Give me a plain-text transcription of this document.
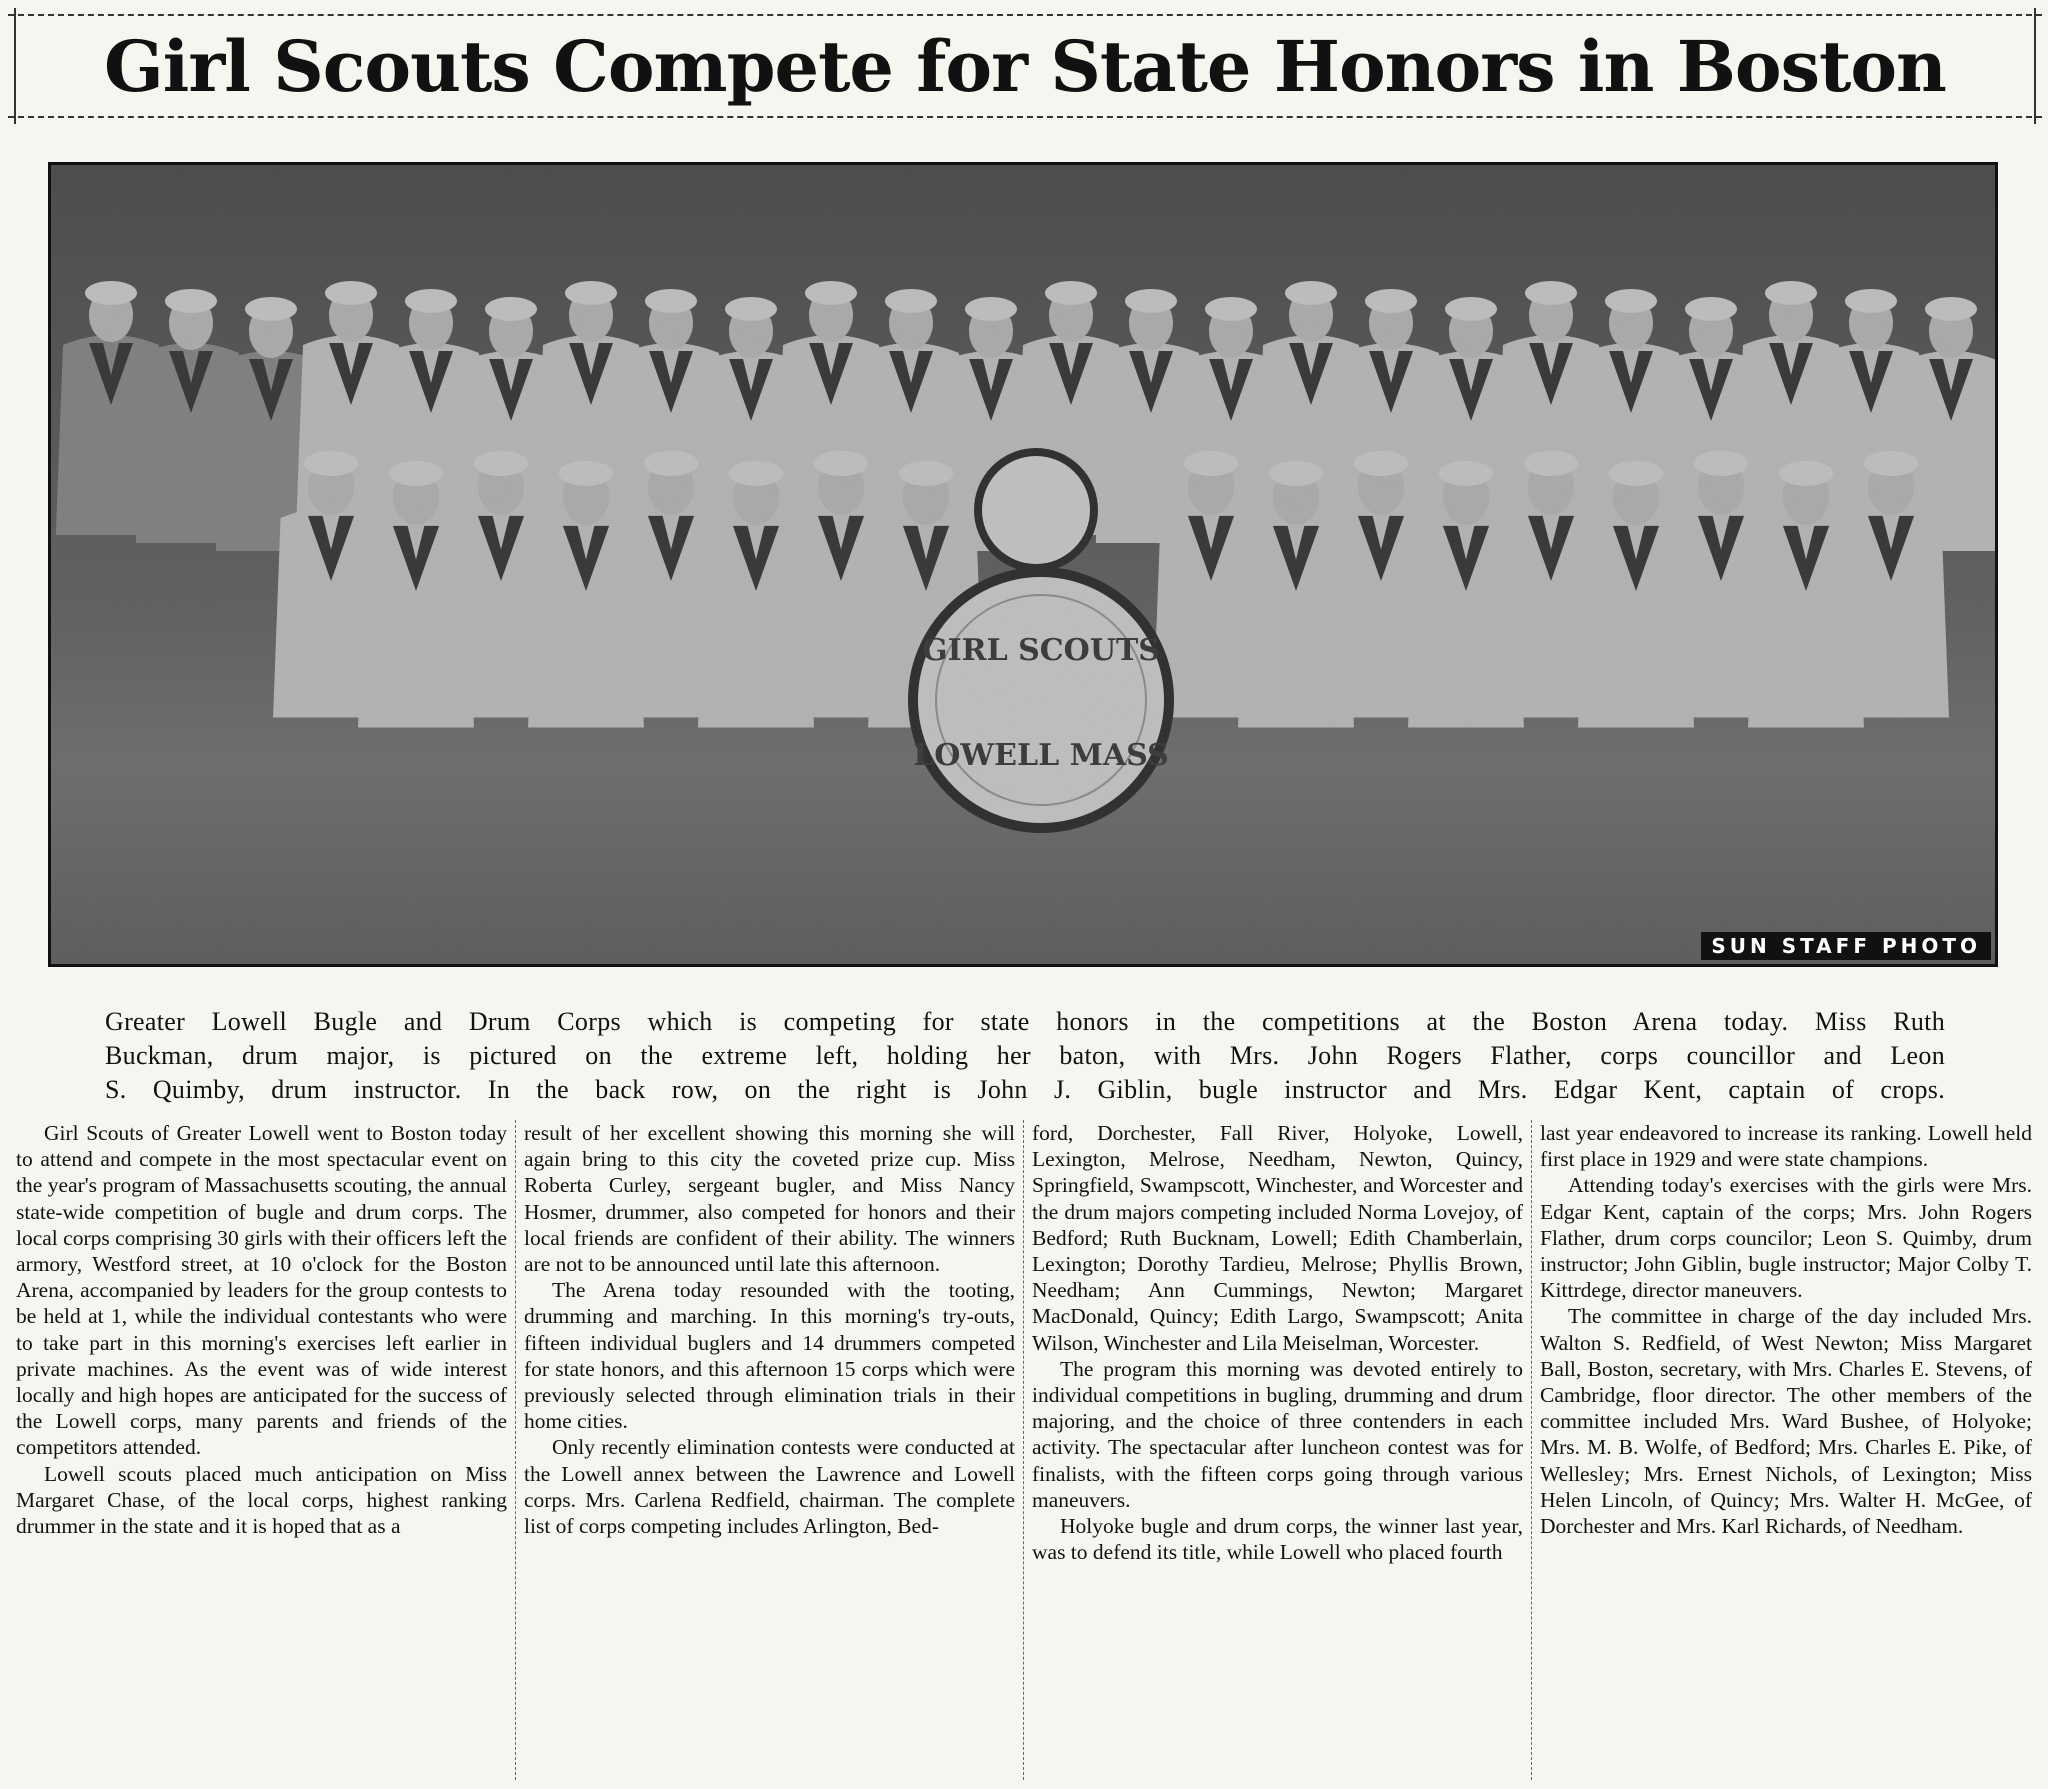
Girl Scouts Compete for State Honors in Boston
GIRL SCOUTS
LOWELL MASS
SUN STAFF PHOTO
Greater Lowell Bugle and Drum Corps which is competing for state honors in the competitions at the Boston Arena today. Miss Ruth
Buckman, drum major, is pictured on the extreme left, holding her baton, with Mrs. John Rogers Flather, corps councillor and Leon
S. Quimby, drum instructor. In the back row, on the right is John J. Giblin, bugle instructor and Mrs. Edgar Kent, captain of crops.

Girl Scouts of Greater Lowell went to Boston today to attend and compete in the most spectacular event on the year's program of Massachusetts scouting, the annual state-wide competition of bugle and drum corps. The local corps comprising 30 girls with their officers left the armory, Westford street, at 10 o'clock for the Boston Arena, accompanied by leaders for the group contests to be held at 1, while the individual contestants who were to take part in this morning's exercises left earlier in private machines. As the event was of wide interest locally and high hopes are anticipated for the success of the Lowell corps, many parents and friends of the competitors attended.

Lowell scouts placed much anticipation on Miss Margaret Chase, of the local corps, highest ranking drummer in the state and it is hoped that as a

result of her excellent showing this morning she will again bring to this city the coveted prize cup. Miss Roberta Curley, sergeant bugler, and Miss Nancy Hosmer, drummer, also competed for honors and their local friends are confident of their ability. The winners are not to be announced until late this afternoon.

The Arena today resounded with the tooting, drumming and marching. In this morning's try-outs, fifteen individual buglers and 14 drummers competed for state honors, and this afternoon 15 corps which were previously selected through elimination trials in their home cities.

Only recently elimination contests were conducted at the Lowell annex between the Lawrence and Lowell corps. Mrs. Carlena Redfield, chairman. The complete list of corps competing includes Arlington, Bed-

ford, Dorchester, Fall River, Holyoke, Lowell, Lexington, Melrose, Needham, Newton, Quincy, Springfield, Swampscott, Winchester, and Worcester and the drum majors competing included Norma Lovejoy, of Bedford; Ruth Bucknam, Lowell; Edith Chamberlain, Lexington; Dorothy Tardieu, Melrose; Phyllis Brown, Needham; Ann Cummings, Newton; Margaret MacDonald, Quincy; Edith Largo, Swampscott; Anita Wilson, Winchester and Lila Meiselman, Worcester.

The program this morning was devoted entirely to individual competitions in bugling, drumming and drum majoring, and the choice of three contenders in each activity. The spectacular after luncheon contest was for finalists, with the fifteen corps going through various maneuvers.

Holyoke bugle and drum corps, the winner last year, was to defend its title, while Lowell who placed fourth

last year endeavored to increase its ranking. Lowell held first place in 1929 and were state champions.

Attending today's exercises with the girls were Mrs. Edgar Kent, captain of the corps; Mrs. John Rogers Flather, drum corps councilor; Leon S. Quimby, drum instructor; John Giblin, bugle instructor; Major Colby T. Kittrdege, director maneuvers.

The committee in charge of the day included Mrs. Walton S. Redfield, of West Newton; Miss Margaret Ball, Boston, secretary, with Mrs. Charles E. Stevens, of Cambridge, floor director. The other members of the committee included Mrs. Ward Bushee, of Holyoke; Mrs. M. B. Wolfe, of Bedford; Mrs. Charles E. Pike, of Wellesley; Mrs. Ernest Nichols, of Lexington; Miss Helen Lincoln, of Quincy; Mrs. Walter H. McGee, of Dorchester and Mrs. Karl Richards, of Needham.
